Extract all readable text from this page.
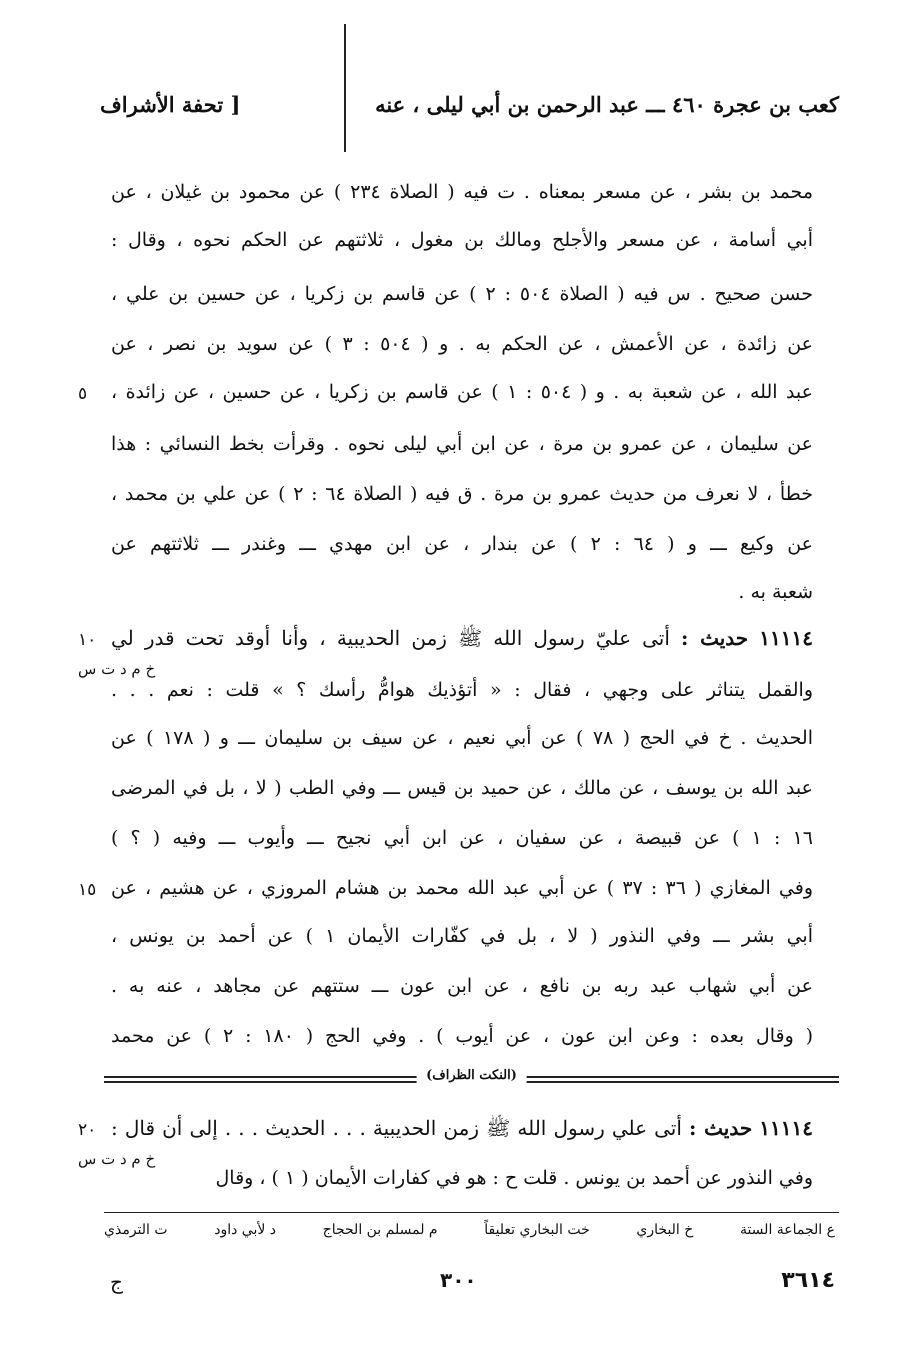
كعب بن عجرة ٤٦٠ ـــ عبد الرحمن بن أبي ليلى ، عنه
[ تحفة الأشراف
محمد بن بشر ، عن مسعر بمعناه . ت فيه ( الصلاة ٢٣٤ ) عن محمود بن غيلان ، عن
أبي أسامة ، عن مسعر والأجلح ومالك بن مغول ، ثلاثتهم عن الحكم نحوه ، وقال :
حسن صحيح . س فيه ( الصلاة ٥٠٤ : ٢ ) عن قاسم بن زكريا ، عن حسين بن علي ،
عن زائدة ، عن الأعمش ، عن الحكم به . و ( ٥٠٤ : ٣ ) عن سويد بن نصر ، عن
عبد الله ، عن شعبة به . و ( ٥٠٤ : ١ ) عن قاسم بن زكريا ، عن حسين ، عن زائدة ،
عن سليمان ، عن عمرو بن مرة ، عن ابن أبي ليلى نحوه . وقرأت بخط النسائي : هذا
خطأ ، لا نعرف من حديث عمرو بن مرة . ق فيه ( الصلاة ٦٤ : ٢ ) عن علي بن محمد ،
عن وكيع ـــ و ( ٦٤ : ٢ ) عن بندار ، عن ابن مهدي ـــ وغندر ـــ ثلاثتهم عن
شعبة به .
١١١١٤ حديث : أتى عليّ رسول الله ﷺ زمن الحديبية ، وأنا أوقد تحت قدر لي
والقمل يتناثر على وجهي ، فقال : « أتؤذيك هوامُّ رأسك ؟ » قلت : نعم . . .
الحديث . خ في الحج ( ٧٨ ) عن أبي نعيم ، عن سيف بن سليمان ـــ و ( ١٧٨ ) عن
عبد الله بن يوسف ، عن مالك ، عن حميد بن قيس ـــ وفي الطب ( لا ، بل في المرضى
١٦ : ١ ) عن قبيصة ، عن سفيان ، عن ابن أبي نجيح ـــ وأيوب ـــ وفيه ( ؟ )
وفي المغازي ( ٣٦ : ٣٧ ) عن أبي عبد الله محمد بن هشام المروزي ، عن هشيم ، عن
أبي بشر ـــ وفي النذور ( لا ، بل في كفّارات الأيمان ١ ) عن أحمد بن يونس ،
عن أبي شهاب عبد ربه بن نافع ، عن ابن عون ـــ ستتهم عن مجاهد ، عنه به .
( وقال بعده : وعن ابن عون ، عن أيوب ) . وفي الحج ( ١٨٠ : ٢ ) عن محمد
( النكت الظراف )
١١١١٤ حديث : أتى علي رسول الله ﷺ زمن الحديبية . . . الحديث . . . إلى أن قال :
وفي النذور عن أحمد بن يونس . قلت ح : هو في كفارات الأيمان ( ١ ) ، وقال
٥
١٠
خ م د ت س
١٥
٢٠
خ م د ت س
ع الجماعة الستة
خ البخاري
خت البخاري تعليقاً
م لمسلم بن الحجاج
د لأبي داود
ت الترمذي
٣٦١٤
٣٠٠
ج
